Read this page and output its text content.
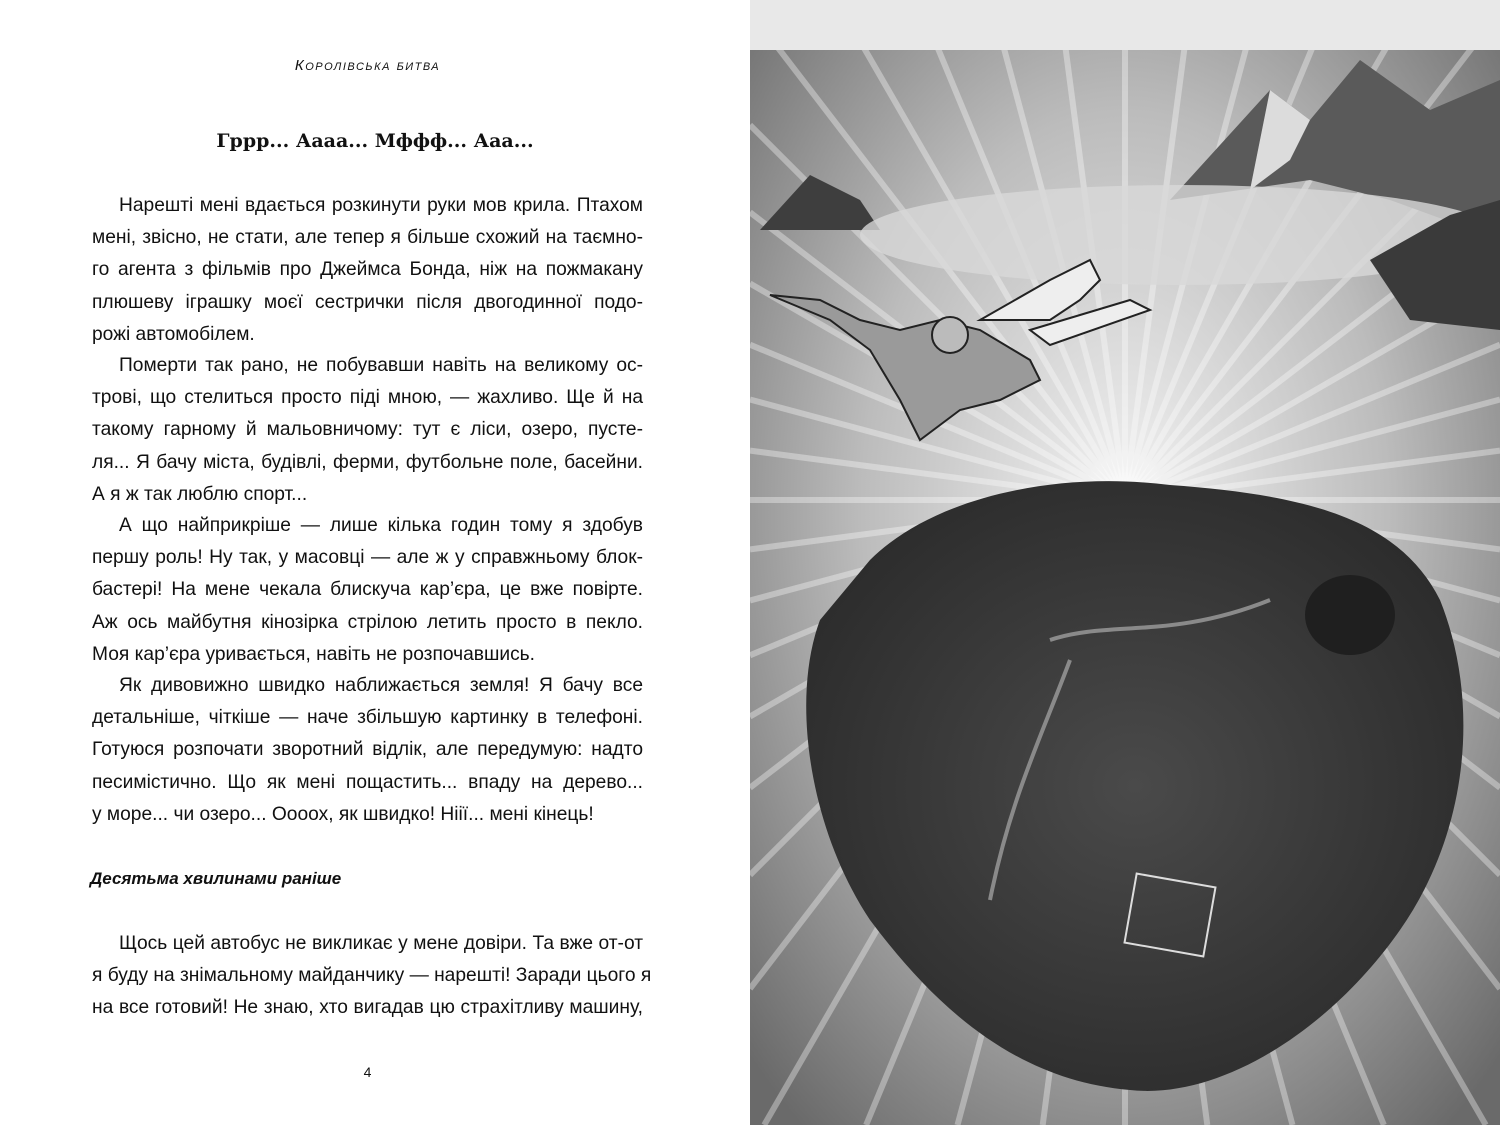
Королівська битва
Гррр... Аааа... Мффф... Ааа...
Нарешті мені вдається розкинути руки мов крила. Птахом
мені, звісно, не стати, але тепер я більше схожий на таємно-
го агента з фільмів про Джеймса Бонда, ніж на пожмакану
плюшеву іграшку моєї сестрички після двогодинної подо-
рожі автомобілем.
Померти так рано, не побувавши навіть на великому ос-
трові, що стелиться просто піді мною, — жахливо. Ще й на
такому гарному й мальовничому: тут є ліси, озеро, пусте-
ля... Я бачу міста, будівлі, ферми, футбольне поле, басейни.
А я ж так люблю спорт...
А що найприкріше — лише кілька годин тому я здобув
першу роль! Ну так, у масовці — але ж у справжньому блок-
бастері! На мене чекала блискуча кар’єра, це вже повірте.
Аж ось майбутня кінозірка стрілою летить просто в пекло.
Моя кар’єра уривається, навіть не розпочавшись.
Як дивовижно швидко наближається земля! Я бачу все
детальніше, чіткіше — наче збільшую картинку в телефоні.
Готуюся розпочати зворотний відлік, але передумую: надто
песимістично. Що як мені пощастить... впаду на дерево...
у море... чи озеро... Оооох, як швидко! Ніії... мені кінець!
Десятьма хвилинами раніше
Щось цей автобус не викликає у мене довіри. Та вже от-от
я буду на знімальному майданчику — нарешті! Заради цього я
на все готовий! Не знаю, хто вигадав цю страхітливу машину,
4
